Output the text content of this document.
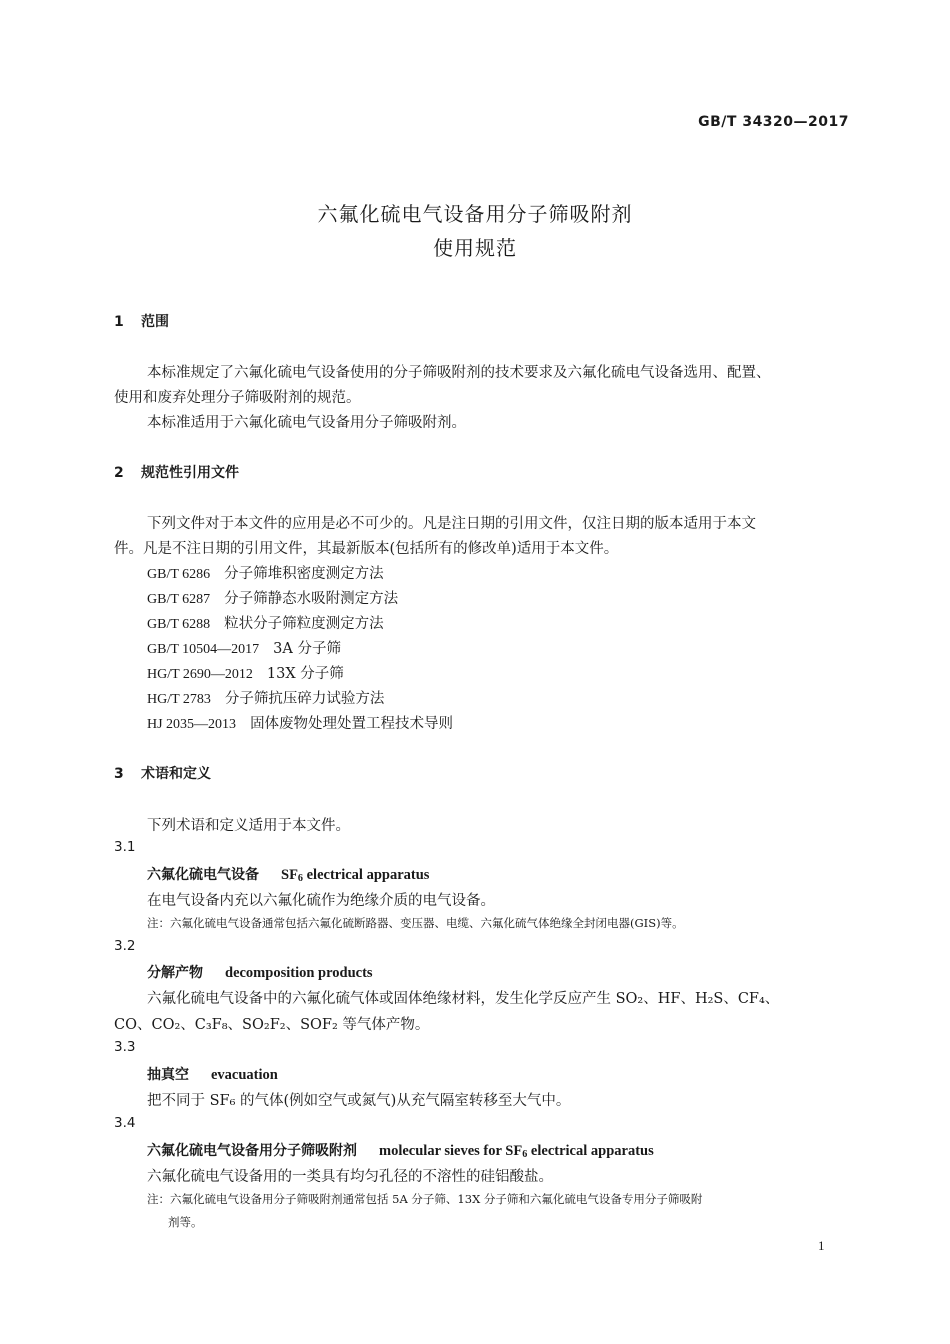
GB/T 34320—2017
六氟化硫电气设备用分子筛吸附剂
使用规范
1 范围
本标准规定了六氟化硫电气设备使用的分子筛吸附剂的技术要求及六氟化硫电气设备选用、配置、
使用和废弃处理分子筛吸附剂的规范。
本标准适用于六氟化硫电气设备用分子筛吸附剂。
2 规范性引用文件
下列文件对于本文件的应用是必不可少的。凡是注日期的引用文件，仅注日期的版本适用于本文
件。凡是不注日期的引用文件，其最新版本(包括所有的修改单)适用于本文件。
GB/T 6286 分子筛堆积密度测定方法
GB/T 6287 分子筛静态水吸附测定方法
GB/T 6288 粒状分子筛粒度测定方法
GB/T 10504—2017 3A 分子筛
HG/T 2690—2012 13X 分子筛
HG/T 2783 分子筛抗压碎力试验方法
HJ 2035—2013 固体废物处理处置工程技术导则
3 术语和定义
下列术语和定义适用于本文件。
3.1
六氟化硫电气设备 $SF_6$ electrical apparatus
在电气设备内充以六氟化硫作为绝缘介质的电气设备。
注：六氟化硫电气设备通常包括六氟化硫断路器、变压器、电缆、六氟化硫气体绝缘全封闭电器(GIS)等。
3.2
分解产物 decomposition products
六氟化硫电气设备中的六氟化硫气体或固体绝缘材料，发生化学反应产生 SO₂、HF、H₂S、CF₄、
CO、CO₂、C₃F₈、SO₂F₂、SOF₂ 等气体产物。
3.3
抽真空 evacuation
把不同于 SF₆ 的气体(例如空气或氮气)从充气隔室转移至大气中。
3.4
六氟化硫电气设备用分子筛吸附剂 molecular sieves for $SF_6$ electrical apparatus
六氟化硫电气设备用的一类具有均匀孔径的不溶性的硅铝酸盐。
注：六氟化硫电气设备用分子筛吸附剂通常包括 5A 分子筛、13X 分子筛和六氟化硫电气设备专用分子筛吸附
剂等。
1
